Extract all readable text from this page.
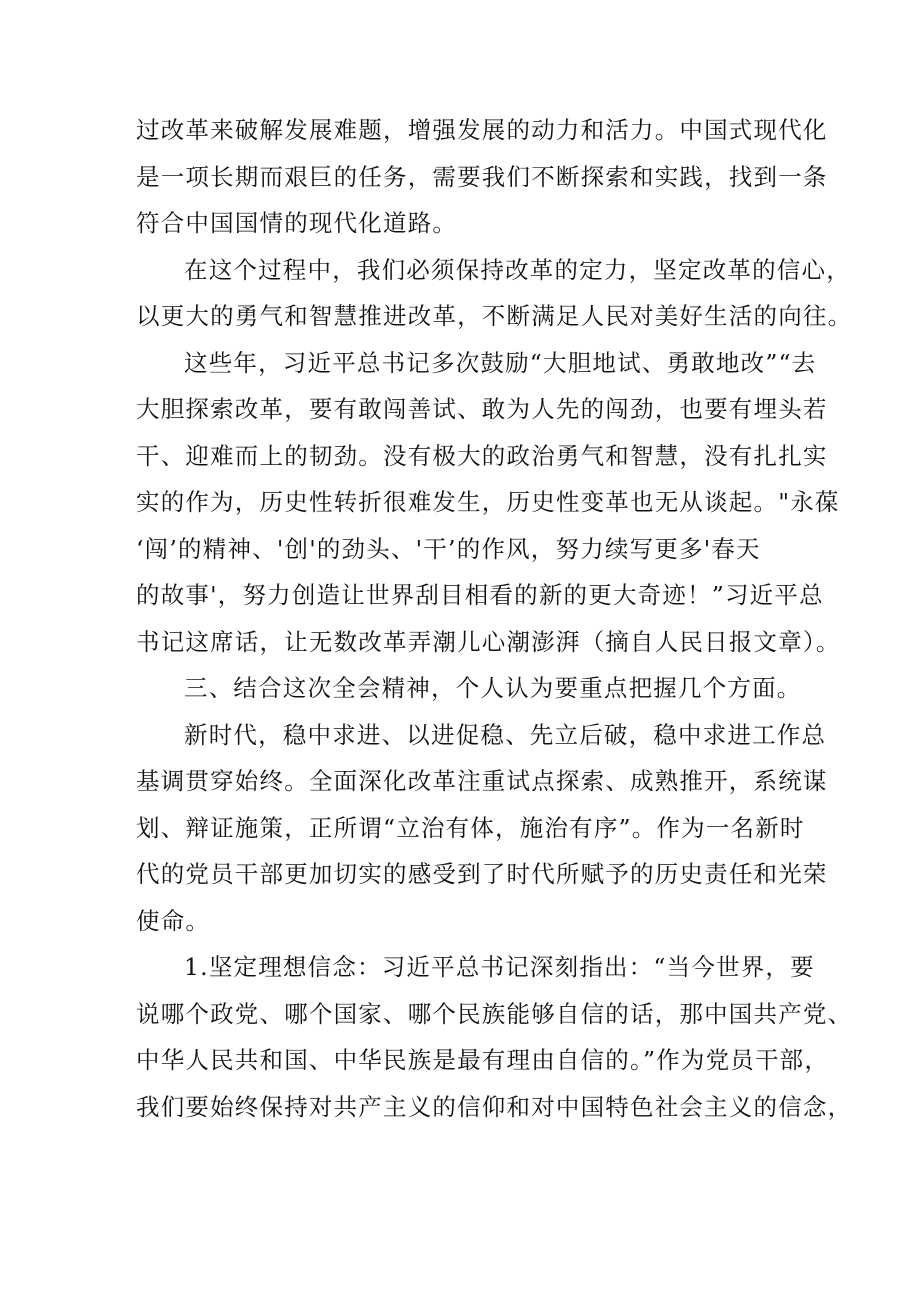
过改革来破解发展难题，增强发展的动力和活力。中国式现代化
是一项长期而艰巨的任务，需要我们不断探索和实践，找到一条
符合中国国情的现代化道路。
在这个过程中，我们必须保持改革的定力，坚定改革的信心，
以更大的勇气和智慧推进改革，不断满足人民对美好生活的向往。
这些年，习近平总书记多次鼓励“大胆地试、勇敢地改”“去
大胆探索改革，要有敢闯善试、敢为人先的闯劲，也要有埋头若
干、迎难而上的韧劲。没有极大的政治勇气和智慧，没有扎扎实
实的作为，历史性转折很难发生，历史性变革也无从谈起。"永葆
‘闯’的精神、'创'的劲头、'干’的作风，努力续写更多'春天
的故事'，努力创造让世界刮目相看的新的更大奇迹！”习近平总
书记这席话，让无数改革弄潮儿心潮澎湃（摘自人民日报文章）。
三、结合这次全会精神，个人认为要重点把握几个方面。
新时代，稳中求进、以进促稳、先立后破，稳中求进工作总
基调贯穿始终。全面深化改革注重试点探索、成熟推开，系统谋
划、辩证施策，正所谓“立治有体，施治有序”。作为一名新时
代的党员干部更加切实的感受到了时代所赋予的历史责任和光荣
使命。
1.坚定理想信念：习近平总书记深刻指出：“当今世界，要
说哪个政党、哪个国家、哪个民族能够自信的话，那中国共产党、
中华人民共和国、中华民族是最有理由自信的。”作为党员干部，
我们要始终保持对共产主义的信仰和对中国特色社会主义的信念，
